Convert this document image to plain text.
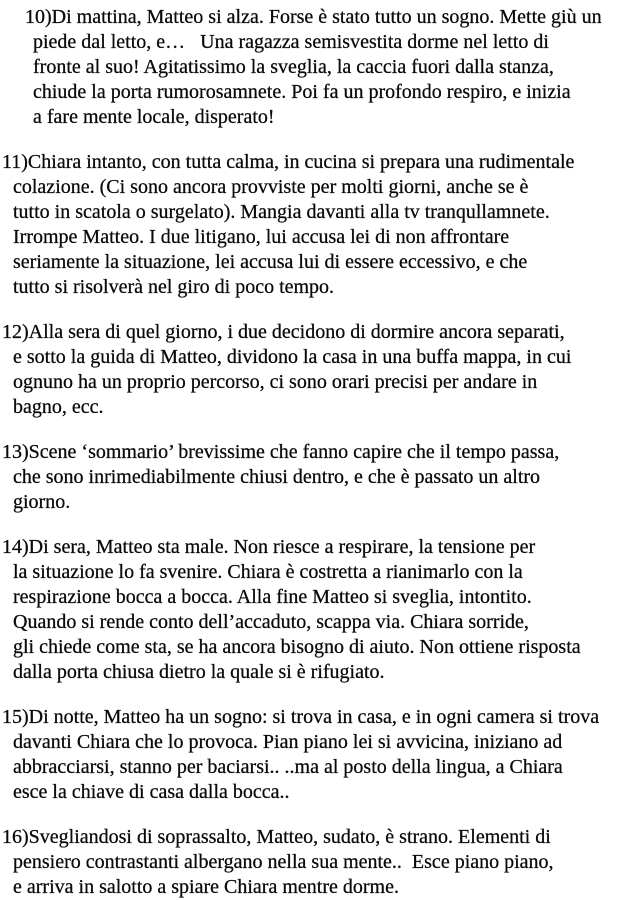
10)Di mattina, Matteo si alza. Forse è stato tutto un sogno. Mette giù un
piede dal letto, e…   Una ragazza semisvestita dorme nel letto di
fronte al suo! Agitatissimo la sveglia, la caccia fuori dalla stanza,
chiude la porta rumorosamnete. Poi fa un profondo respiro, e inizia
a fare mente locale, disperato!
11)Chiara intanto, con tutta calma, in cucina si prepara una rudimentale
colazione. (Ci sono ancora provviste per molti giorni, anche se è
tutto in scatola o surgelato). Mangia davanti alla tv tranqullamnete.
Irrompe Matteo. I due litigano, lui accusa lei di non affrontare
seriamente la situazione, lei accusa lui di essere eccessivo, e che
tutto si risolverà nel giro di poco tempo.
12)Alla sera di quel giorno, i due decidono di dormire ancora separati,
e sotto la guida di Matteo, dividono la casa in una buffa mappa, in cui
ognuno ha un proprio percorso, ci sono orari precisi per andare in
bagno, ecc.
13)Scene ‘sommario’ brevissime che fanno capire che il tempo passa,
che sono inrimediabilmente chiusi dentro, e che è passato un altro
giorno.
14)Di sera, Matteo sta male. Non riesce a respirare, la tensione per
la situazione lo fa svenire. Chiara è costretta a rianimarlo con la
respirazione bocca a bocca. Alla fine Matteo si sveglia, intontito.
Quando si rende conto dell’accaduto, scappa via. Chiara sorride,
gli chiede come sta, se ha ancora bisogno di aiuto. Non ottiene risposta
dalla porta chiusa dietro la quale si è rifugiato.
15)Di notte, Matteo ha un sogno: si trova in casa, e in ogni camera si trova
davanti Chiara che lo provoca. Pian piano lei si avvicina, iniziano ad
abbracciarsi, stanno per baciarsi.. ..ma al posto della lingua, a Chiara
esce la chiave di casa dalla bocca..
16)Svegliandosi di soprassalto, Matteo, sudato, è strano. Elementi di
pensiero contrastanti albergano nella sua mente..  Esce piano piano,
e arriva in salotto a spiare Chiara mentre dorme.
